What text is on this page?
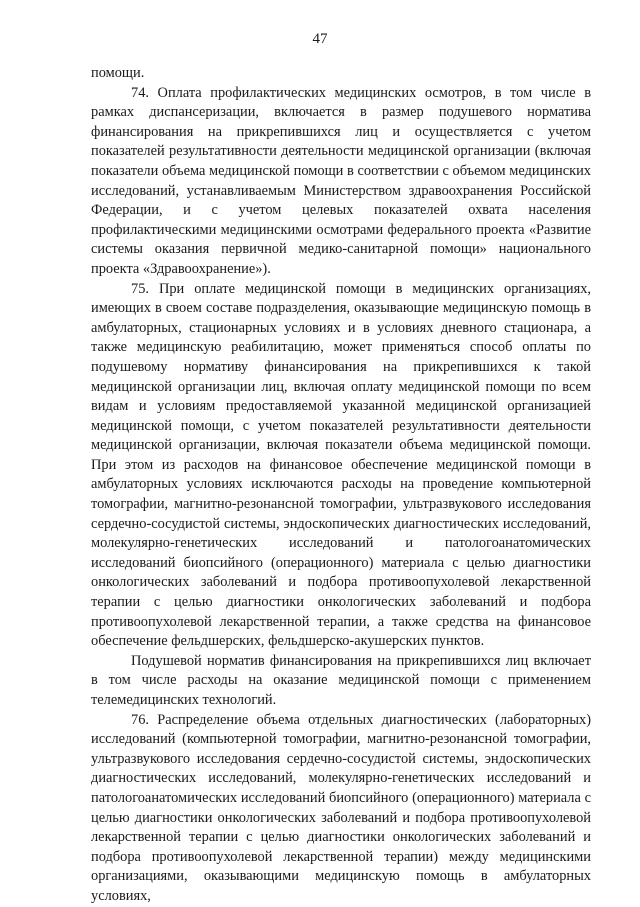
47

помощи.

74. Оплата профилактических медицинских осмотров, в том числе в рамках диспансеризации, включается в размер подушевого норматива финансирования на прикрепившихся лиц и осуществляется с учетом показателей результативности деятельности медицинской организации (включая показатели объема медицинской помощи в соответствии с объемом медицинских исследований, устанавливаемым Министерством здравоохранения Российской Федерации, и с учетом целевых показателей охвата населения профилактическими медицинскими осмотрами федерального проекта «Развитие системы оказания первичной медико-санитарной помощи» национального проекта «Здравоохранение»).

75. При оплате медицинской помощи в медицинских организациях, имеющих в своем составе подразделения, оказывающие медицинскую помощь в амбулаторных, стационарных условиях и в условиях дневного стационара, а также медицинскую реабилитацию, может применяться способ оплаты по подушевому нормативу финансирования на прикрепившихся к такой медицинской организации лиц, включая оплату медицинской помощи по всем видам и условиям предоставляемой указанной медицинской организацией медицинской помощи, с учетом показателей результативности деятельности медицинской организации, включая показатели объема медицинской помощи. При этом из расходов на финансовое обеспечение медицинской помощи в амбулаторных условиях исключаются расходы на проведение компьютерной томографии, магнитно-резонансной томографии, ультразвукового исследования сердечно-сосудистой системы, эндоскопических диагностических исследований, молекулярно-генетических исследований и патологоанатомических исследований биопсийного (операционного) материала с целью диагностики онкологических заболеваний и подбора противоопухолевой лекарственной терапии с целью диагностики онкологических заболеваний и подбора противоопухолевой лекарственной терапии, а также средства на финансовое обеспечение фельдшерских, фельдшерско-акушерских пунктов.

Подушевой норматив финансирования на прикрепившихся лиц включает в том числе расходы на оказание медицинской помощи с применением телемедицинских технологий.

76. Распределение объема отдельных диагностических (лабораторных) исследований (компьютерной томографии, магнитно-резонансной томографии, ультразвукового исследования сердечно-сосудистой системы, эндоскопических диагностических исследований, молекулярно-генетических исследований и патологоанатомических исследований биопсийного (операционного) материала с целью диагностики онкологических заболеваний и подбора противоопухолевой лекарственной терапии с целью диагностики онкологических заболеваний и подбора противоопухолевой лекарственной терапии) между медицинскими организациями, оказывающими медицинскую помощь в амбулаторных условиях,
